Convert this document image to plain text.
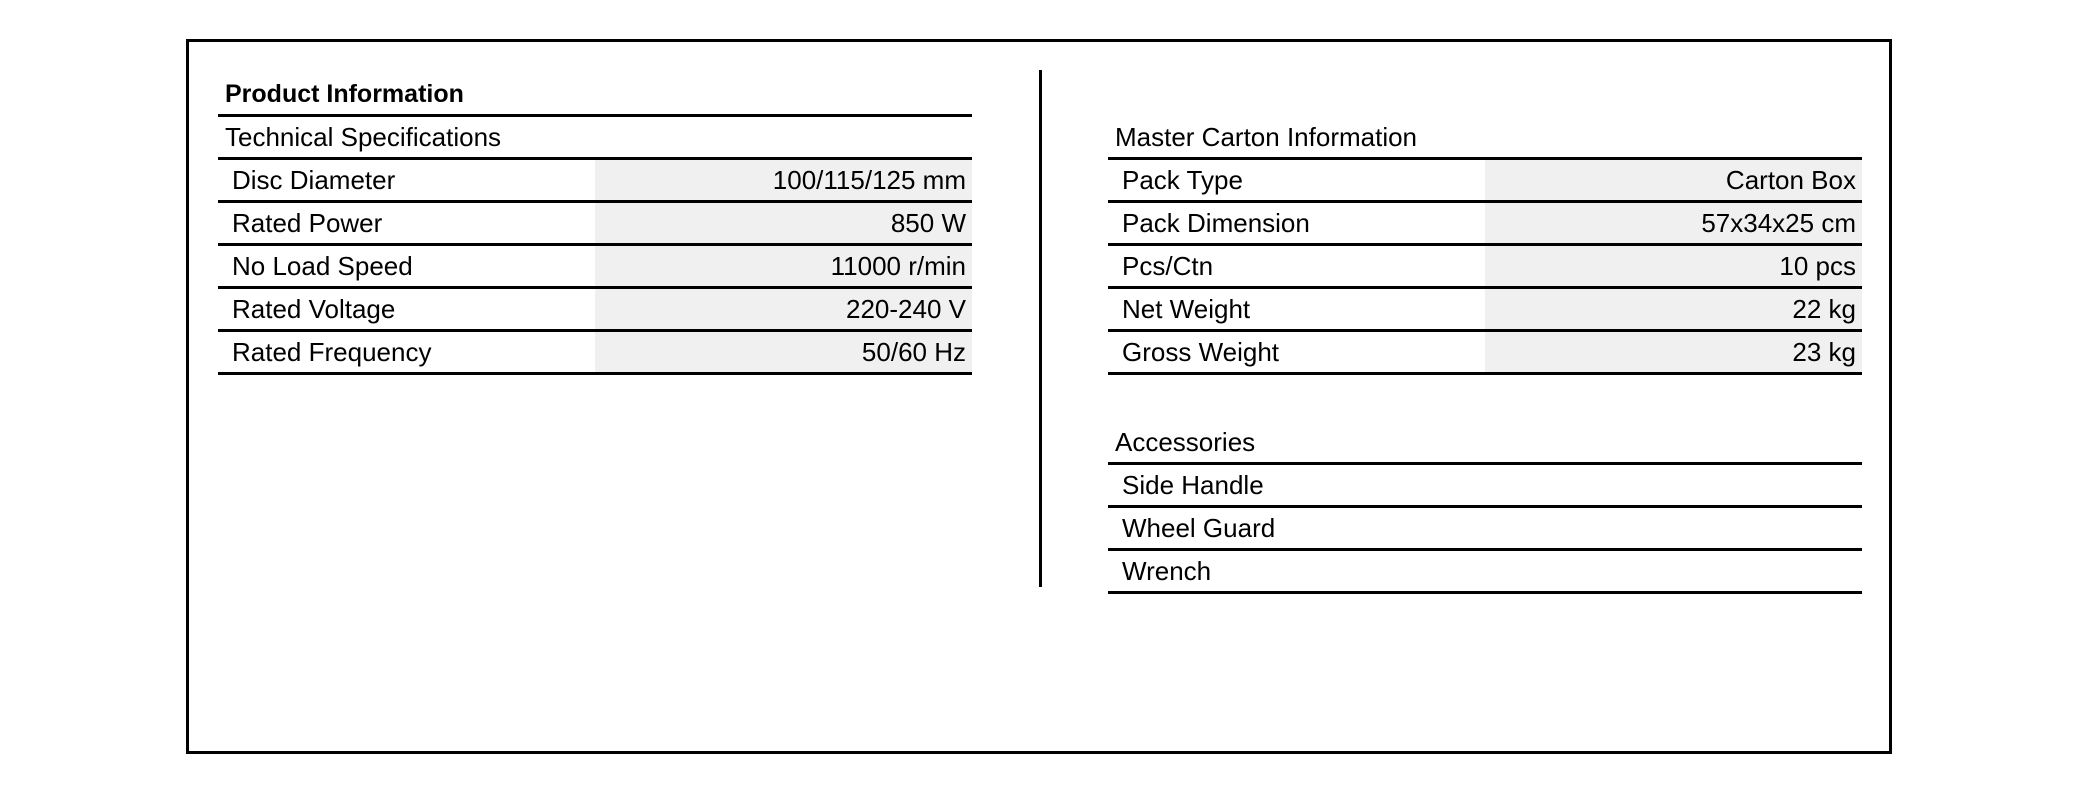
Product Information
Technical Specifications
Disc Diameter	100/115/125 mm
Rated Power	850 W
No Load Speed	11000 r/min
Rated Voltage	220-240 V
Rated Frequency	50/60 Hz
Master Carton Information
Pack Type	Carton Box
Pack Dimension	57x34x25 cm
Pcs/Ctn	10 pcs
Net Weight	22 kg
Gross Weight	23 kg
Accessories
Side Handle
Wheel Guard
Wrench
